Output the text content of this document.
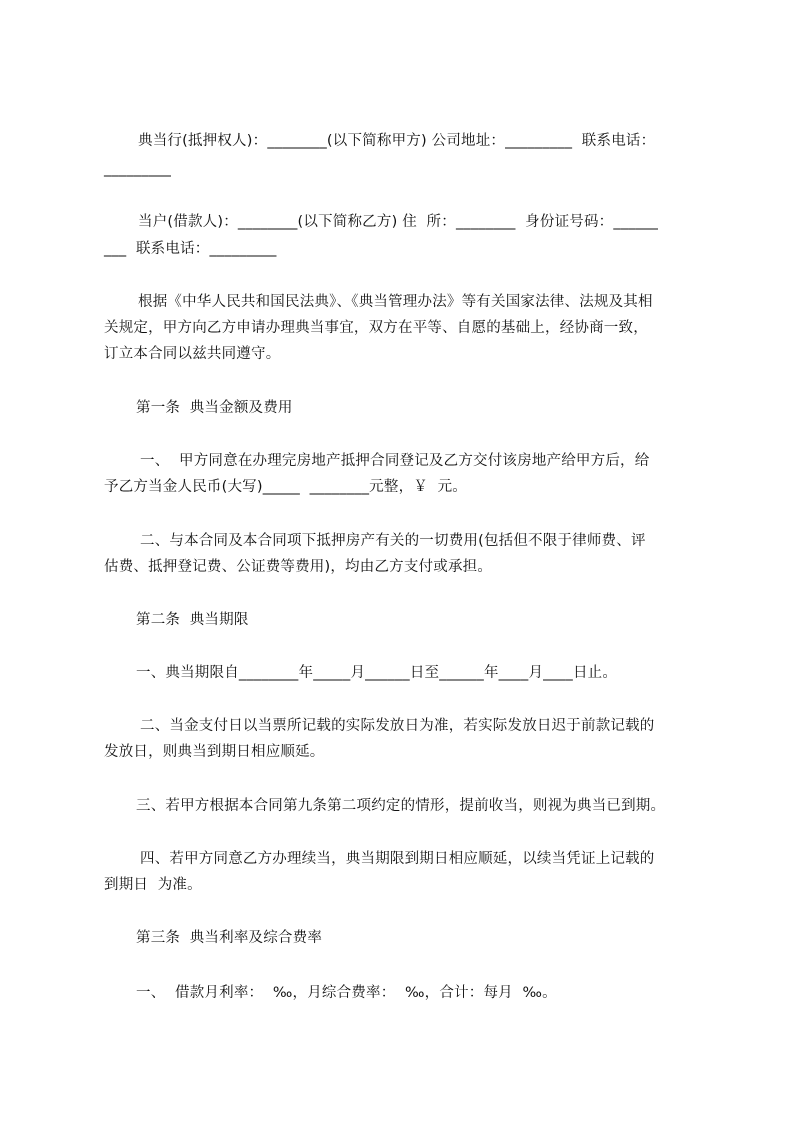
典当行(抵押权人)：________(以下简称甲方) 公司地址：_________  联系电话：
_________
当户(借款人)：________(以下简称乙方) 住  所：________  身份证号码：______
___  联系电话：_________
根据《中华人民共和国民法典》、《典当管理办法》等有关国家法律、法规及其相
关规定，甲方向乙方申请办理典当事宜，双方在平等、自愿的基础上，经协商一致，
订立本合同以兹共同遵守。
第一条  典当金额及费用
一、  甲方同意在办理完房地产抵押合同登记及乙方交付该房地产给甲方后，给
予乙方当金人民币(大写)_____  ________元整，￥  元。
二、与本合同及本合同项下抵押房产有关的一切费用(包括但不限于律师费、评
估费、抵押登记费、公证费等费用)，均由乙方支付或承担。
第二条  典当期限
一、典当期限自________年_____月______日至______年____月____日止。
二、当金支付日以当票所记载的实际发放日为准，若实际发放日迟于前款记载的
发放日，则典当到期日相应顺延。
三、若甲方根据本合同第九条第二项约定的情形，提前收当，则视为典当已到期。
四、若甲方同意乙方办理续当，典当期限到期日相应顺延，以续当凭证上记载的
到期日  为准。
第三条  典当利率及综合费率
一、  借款月利率：  ‰，月综合费率：  ‰，合计：每月  ‰。
